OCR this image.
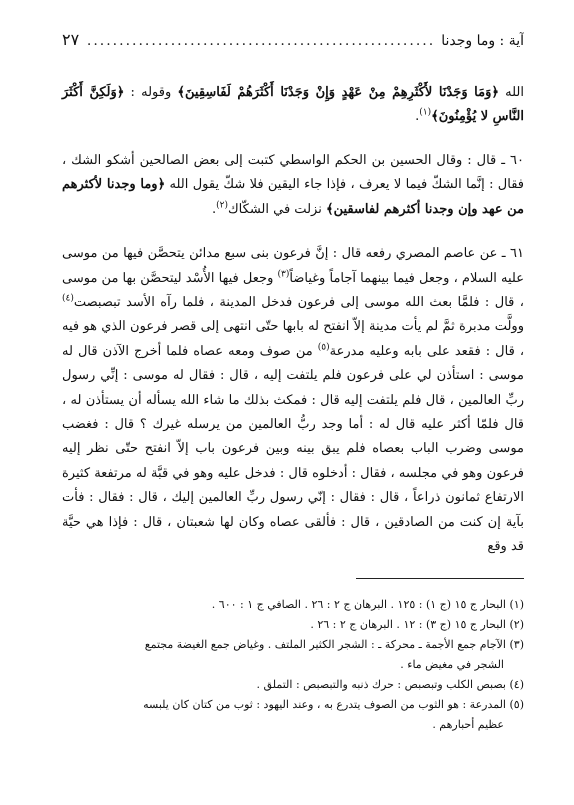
آية : وما وجدنا
.....
٢٧

الله ﴿وَمَا وَجَدْنَا لأَكْثَرِهِمْ مِنْ عَهْدٍ وَإِنْ وَجَدْنَا أَكْثَرَهُمْ لَفَاسِقِينَ﴾ وقوله : ﴿وَلَكِنَّ أَكْثَرَ النَّاسِ لا يُؤْمِنُونَ﴾$^{(١)}$.

٦٠ ـ قال : وقال الحسين بن الحكم الواسطي كتبت إلى بعض الصالحين أشكو الشك ، فقال : إنَّما الشكّ فيما لا يعرف ، فإذا جاء اليقين فلا شكّ يقول الله ﴿وما وجدنا لأكثرهم من عهد وإن وجدنا أكثرهم لفاسقين﴾ نزلت في الشكّاك$^{(٢)}$.

٦١ ـ عن عاصم المصري رفعه قال : إنَّ فرعون بنى سبع مدائن يتحصَّن فيها من موسى عليه السلام ، وجعل فيما بينهما آجاماً وغياضاً$^{(٣)}$ وجعل فيها الأُسْد ليتحصَّن بها من موسى ، قال : فلمَّا بعث الله موسى إلى فرعون فدخل المدينة ، فلما رآه الأسد تبصبصت$^{(٤)}$ وولَّت مدبرة ثمَّ لم يأت مدينة إلاّ انفتح له بابها حتّى انتهى إلى قصر فرعون الذي هو فيه ، قال : فقعد على بابه وعليه مدرعة$^{(٥)}$ من صوف ومعه عصاه فلما أخرج الآذن قال له موسى : استأذن لي على فرعون فلم يلتفت إليه ، قال : فقال له موسى : إنِّي رسول ربِّ العالمين ، قال فلم يلتفت إليه قال : فمكث بذلك ما شاء الله يسأله أن يستأذن له ، قال فلمّا أكثر عليه قال له : أما وجد ربُّ العالمين من يرسله غيرك ؟ قال : فغضب موسى وضرب الباب بعصاه فلم يبق بينه وبين فرعون باب إلاّ انفتح حتّى نظر إليه فرعون وهو في مجلسه ، فقال : أدخلوه قال : فدخل عليه وهو في قبَّة له مرتفعة كثيرة الارتفاع ثمانون ذراعاً ، قال : فقال : إنّي رسول ربِّ العالمين إليك ، قال : فقال : فأت بآية إن كنت من الصادقين ، قال : فألقى عصاه وكان لها شعبتان ، قال : فإذا هي حيَّة قد وقع

(١) البحار ج ١٥ (ج ١) : ١٢٥ . البرهان ج ٢ : ٢٦ . الصافي ج ١ : ٦٠٠ .

(٢) البحار ج ١٥ (ج ٣) : ١٢ . البرهان ج ٢ : ٢٦ .

(٣) الآجام جمع الأجمة ـ محركة ـ : الشجر الكثير الملتف . وغياض جمع الغيضة مجتمع

الشجر في مغيض ماء .

(٤) بصبص الكلب وتبصبص : حرك ذنبه والتبصبص : التملق .

(٥) المدرعة : هو الثوب من الصوف يتدرع به ، وعند اليهود : ثوب من كتان كان يلبسه

عظيم أحبارهم .
